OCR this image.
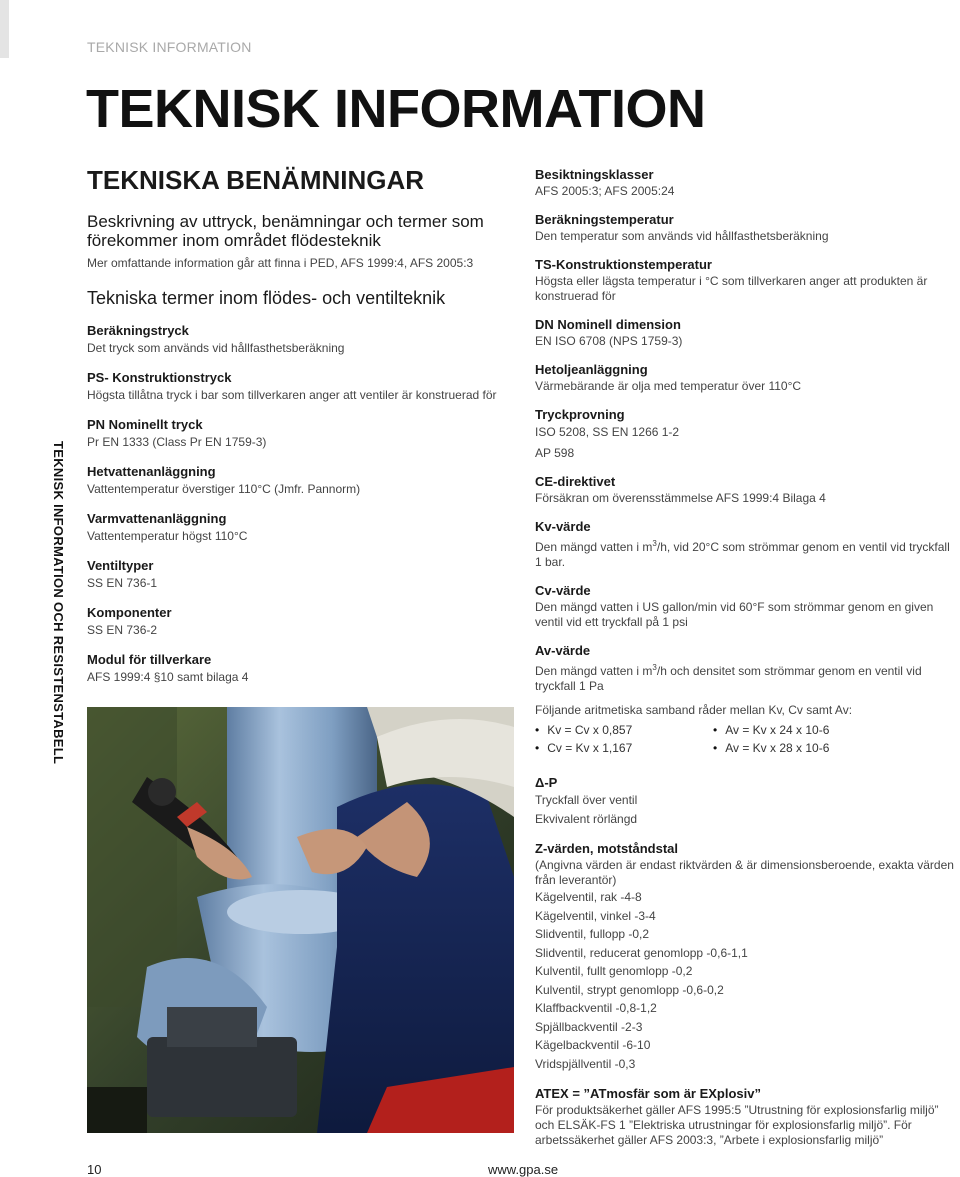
TEKNISK INFORMATION
TEKNISK INFORMATION
TEKNISK INFORMATION OCH RESISTENSTABELL
TEKNISKA BENÄMNINGAR
Beskrivning av uttryck, benämningar och termer som förekommer inom området flödesteknik
Mer omfattande information går att finna i PED, AFS 1999:4, AFS 2005:3
Tekniska termer inom flödes- och ventilteknik
Beräkningstryck
Det tryck som används vid hållfasthetsberäkning
PS- Konstruktionstryck
Högsta tillåtna tryck i bar som tillverkaren anger att ventiler är konstruerad för
PN Nominellt tryck
Pr EN 1333 (Class Pr EN 1759-3)
Hetvattenanläggning
Vattentemperatur överstiger 110°C (Jmfr. Pannorm)
Varmvattenanläggning
Vattentemperatur högst 110°C
Ventiltyper
SS EN 736-1
Komponenter
SS EN 736-2
Modul för tillverkare
AFS 1999:4 §10 samt bilaga 4
Besiktningsklasser
AFS 2005:3; AFS 2005:24
Beräkningstemperatur
Den temperatur som används vid hållfasthetsberäkning
TS-Konstruktionstemperatur
Högsta eller lägsta temperatur i °C som tillverkaren anger att produkten är konstruerad för
DN Nominell dimension
EN ISO 6708 (NPS 1759-3)
Hetoljeanläggning
Värmebärande är olja med temperatur över 110°C
Tryckprovning
ISO 5208, SS EN 1266 1-2
AP 598
CE-direktivet
Försäkran om överensstämmelse AFS 1999:4 Bilaga 4
Kv-värde
Den mängd vatten i $m^3/h$, vid 20°C som strömmar genom en ventil vid tryckfall 1 bar.
Cv-värde
Den mängd vatten i US gallon/min vid 60°F som strömmar genom en given ventil vid ett tryckfall på 1 psi
Av-värde
Den mängd vatten i $m^3/h$ och densitet som strömmar genom en ventil vid tryckfall 1 Pa
Följande aritmetiska samband råder mellan Kv, Cv samt Av:
• Kv = Cv x 0,857	• Av = Kv x 24 x 10-6
• Cv = Kv x 1,167	• Av = Kv x 28 x 10-6
Δ-P
Tryckfall över ventil
Ekvivalent rörlängd
Z-värden, motståndstal
(Angivna värden är endast riktvärden & är dimensionsberoende, exakta värden från leverantör)
Kägelventil, rak -4-8
Kägelventil, vinkel -3-4
Slidventil, fullopp -0,2
Slidventil, reducerat genomlopp -0,6-1,1
Kulventil, fullt genomlopp -0,2
Kulventil, strypt genomlopp -0,6-0,2
Klaffbackventil -0,8-1,2
Spjällbackventil -2-3
Kägelbackventil -6-10
Vridspjällventil -0,3
ATEX = ”ATmosfär som är EXplosiv”
För produktsäkerhet gäller AFS 1995:5 ”Utrustning för explosionsfarlig miljö” och ELSÄK-FS 1 ”Elektriska utrustningar för explosionsfarlig miljö”. För arbetssäkerhet gäller AFS 2003:3, ”Arbete i explosionsfarlig miljö”
10	www.gpa.se
